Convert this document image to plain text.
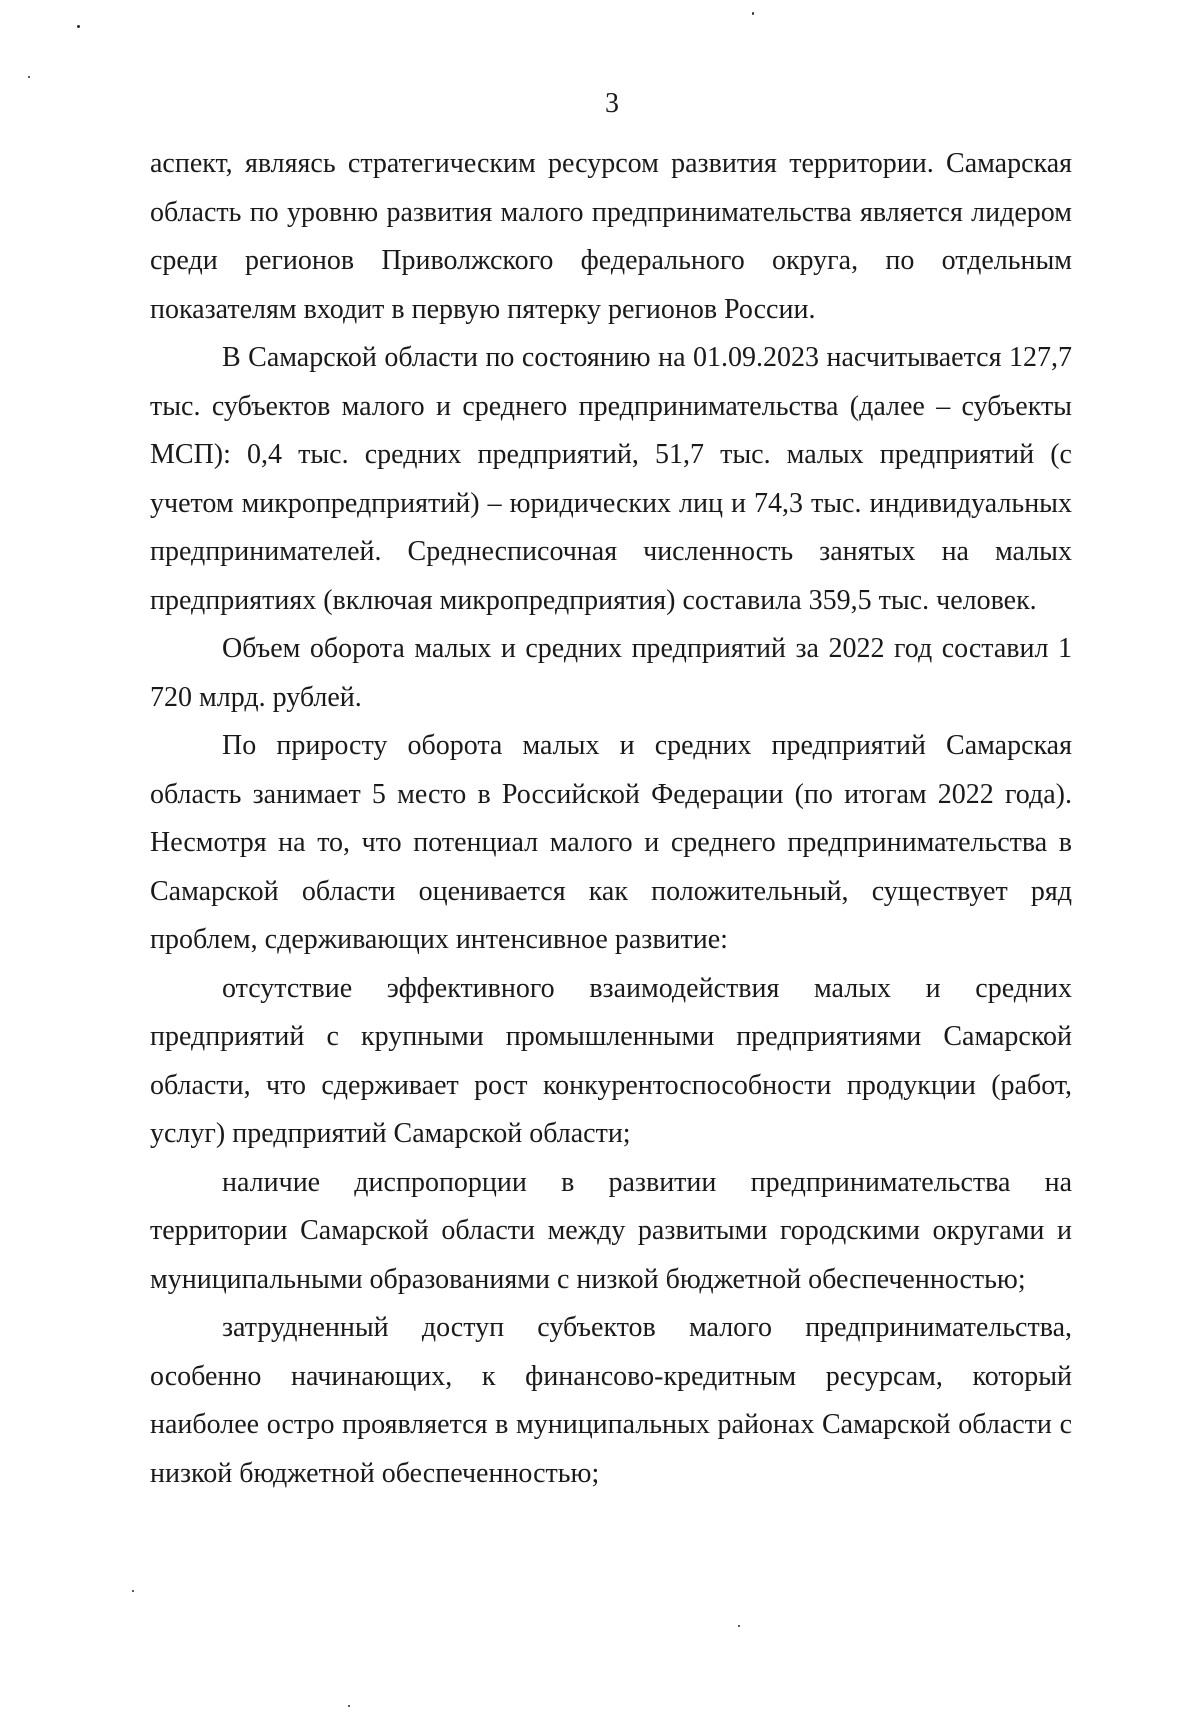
3

аспект, являясь стратегическим ресурсом развития территории. Самарская область по уровню развития малого предпринимательства является лидером среди регионов Приволжского федерального округа, по отдельным показателям входит в первую пятерку регионов России.

В Самарской области по состоянию на 01.09.2023 насчитывается 127,7 тыс. субъектов малого и среднего предпринимательства (далее – субъекты МСП): 0,4 тыс. средних предприятий, 51,7 тыс. малых предприятий (с учетом микропредприятий) – юридических лиц и 74,3 тыс. индивидуальных предпринимателей. Среднесписочная численность занятых на малых предприятиях (включая микропредприятия) составила 359,5 тыс. человек.

Объем оборота малых и средних предприятий за 2022 год составил 1 720 млрд. рублей.

По приросту оборота малых и средних предприятий Самарская область занимает 5 место в Российской Федерации (по итогам 2022 года). Несмотря на то, что потенциал малого и среднего предпринимательства в Самарской области оценивается как положительный, существует ряд проблем, сдерживающих интенсивное развитие:

отсутствие эффективного взаимодействия малых и средних предприятий с крупными промышленными предприятиями Самарской области, что сдерживает рост конкурентоспособности продукции (работ, услуг) предприятий Самарской области;

наличие диспропорции в развитии предпринимательства на территории Самарской области между развитыми городскими округами и муниципальными образованиями с низкой бюджетной обеспеченностью;

затрудненный доступ субъектов малого предпринимательства, особенно начинающих, к финансово-кредитным ресурсам, который наиболее остро проявляется в муниципальных районах Самарской области с низкой бюджетной обеспеченностью;
